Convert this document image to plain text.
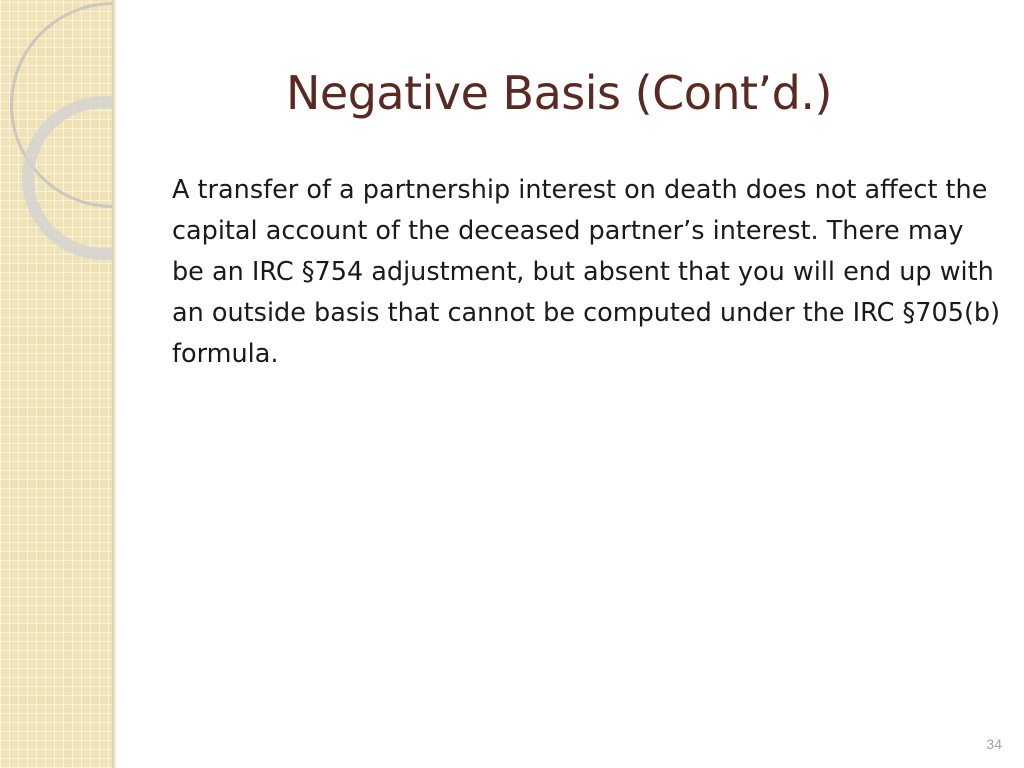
Negative Basis (Cont’d.)

A transfer of a partnership interest on death does not affect the capital account of the deceased partner’s interest. There may be an IRC §754 adjustment, but absent that you will end up with an outside basis that cannot be computed under the IRC §705(b) formula.

34
